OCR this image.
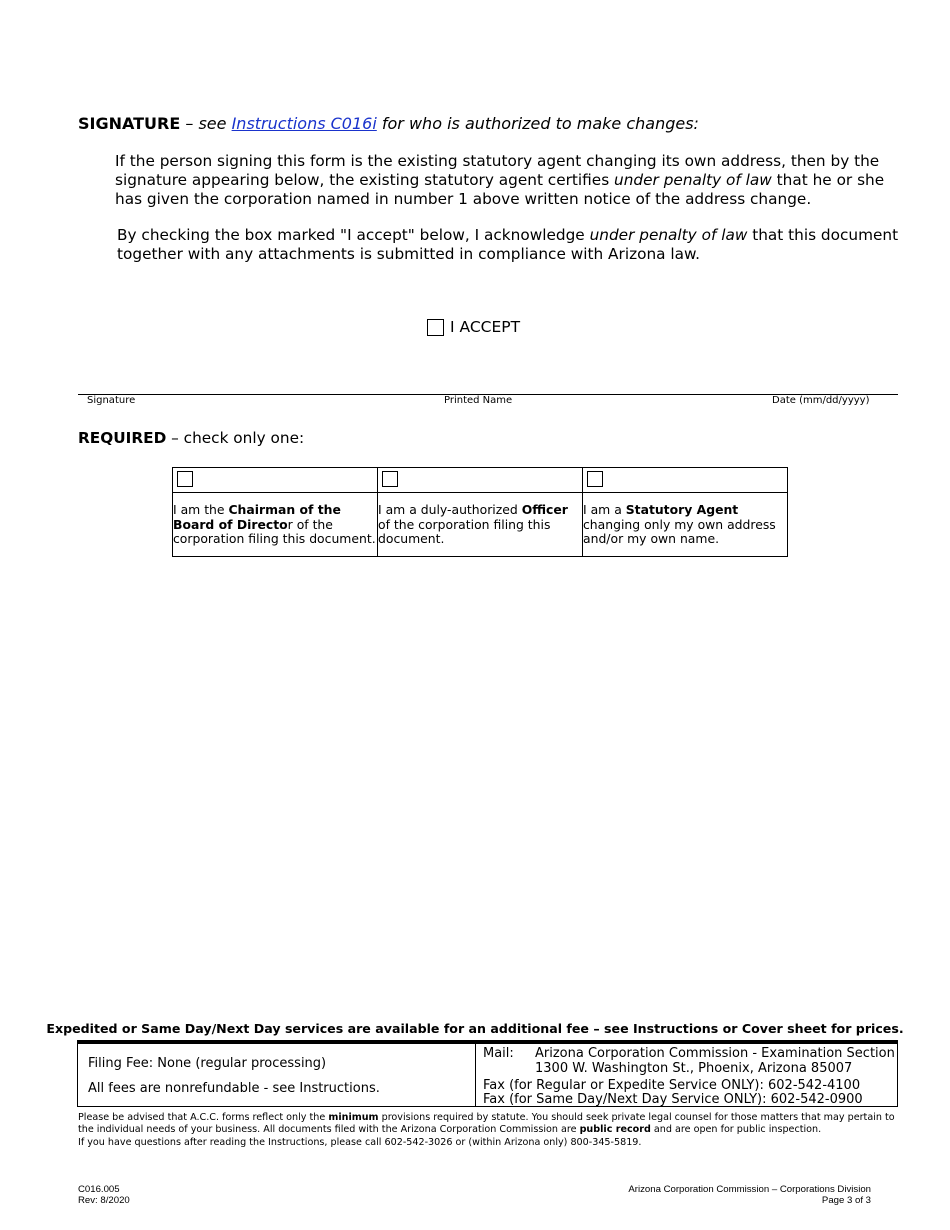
SIGNATURE – see Instructions C016i for who is authorized to make changes:
If the person signing this form is the existing statutory agent changing its own address, then by the signature appearing below, the existing statutory agent certifies under penalty of law that he or she has given the corporation named in number 1 above written notice of the address change.
By checking the box marked "I accept" below, I acknowledge under penalty of law that this document together with any attachments is submitted in compliance with Arizona law.
I ACCEPT
Signature	Printed Name	Date (mm/dd/yyyy)
REQUIRED – check only one:

I am the Chairman of the Board of Director of the corporation filing this document.	I am a duly-authorized Officer of the corporation filing this document.	I am a Statutory Agent changing only my own address and/or my own name.
Expedited or Same Day/Next Day services are available for an additional fee – see Instructions or Cover sheet for prices.
Filing Fee: None (regular processing)
All fees are nonrefundable - see Instructions.
Mail: Arizona Corporation Commission - Examination Section
1300 W. Washington St., Phoenix, Arizona 85007
Fax (for Regular or Expedite Service ONLY): 602-542-4100
Fax (for Same Day/Next Day Service ONLY): 602-542-0900
Please be advised that A.C.C. forms reflect only the minimum provisions required by statute. You should seek private legal counsel for those matters that may pertain to the individual needs of your business. All documents filed with the Arizona Corporation Commission are public record and are open for public inspection.
If you have questions after reading the Instructions, please call 602-542-3026 or (within Arizona only) 800-345-5819.
C016.005
Rev: 8/2020
Arizona Corporation Commission – Corporations Division
Page 3 of 3
